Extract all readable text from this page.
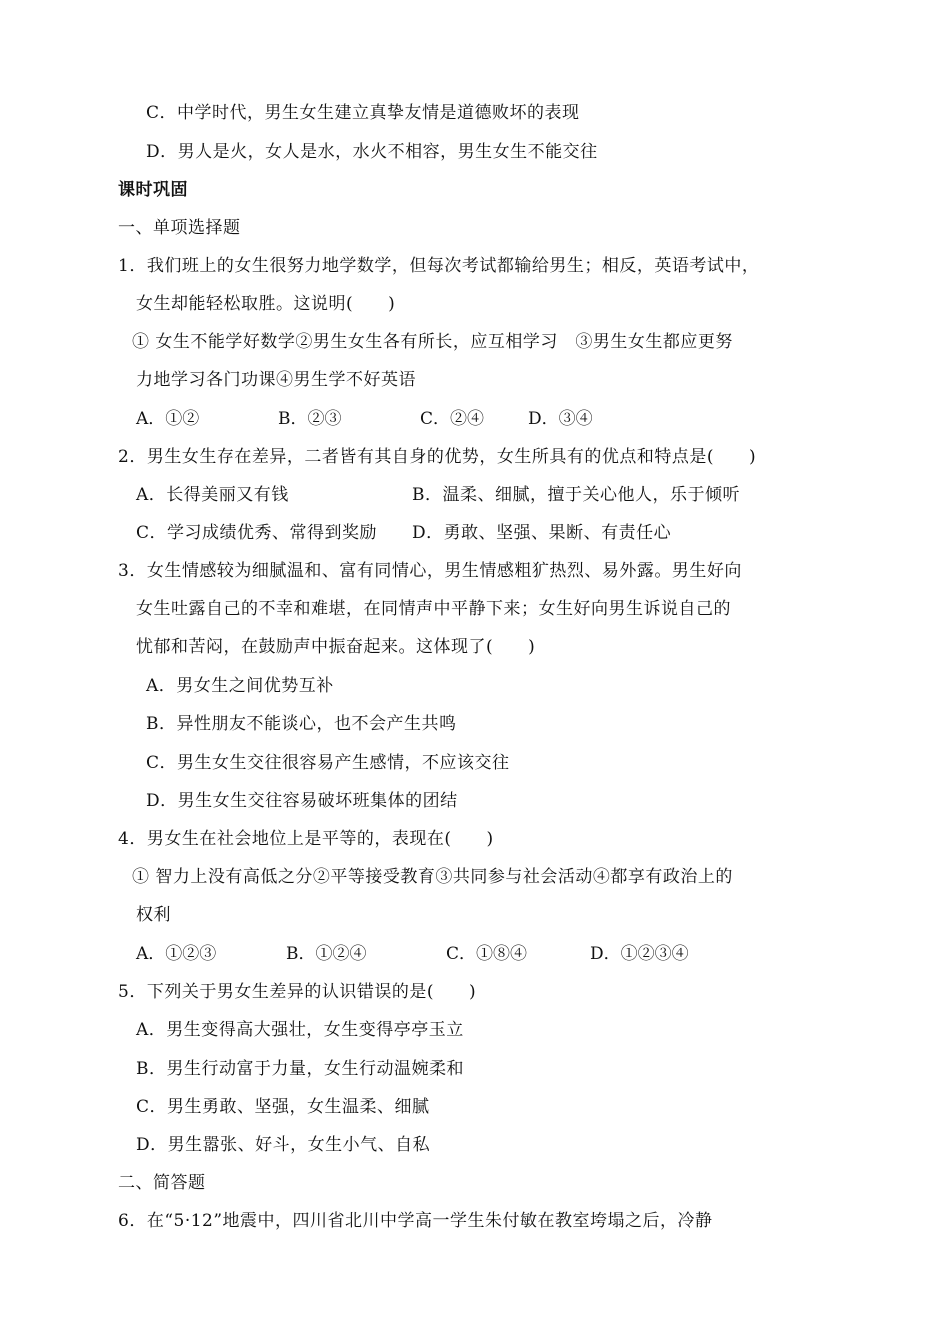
C．中学时代，男生女生建立真挚友情是道德败坏的表现
D．男人是火，女人是水，水火不相容，男生女生不能交往
课时巩固
一、单项选择题
1．我们班上的女生很努力地学数学，但每次考试都输给男生；相反，英语考试中，
女生却能轻松取胜。这说明(　　)
① 女生不能学好数学②男生女生各有所长，应互相学习　③男生女生都应更努
力地学习各门功课④男生学不好英语
A．①②	B．②③	C．②④	D．③④
2．男生女生存在差异，二者皆有其自身的优势，女生所具有的优点和特点是(　　)
A．长得美丽又有钱	B．温柔、细腻，擅于关心他人，乐于倾听
C．学习成绩优秀、常得到奖励 D．勇敢、坚强、果断、有责任心
3．女生情感较为细腻温和、富有同情心，男生情感粗犷热烈、易外露。男生好向
女生吐露自己的不幸和难堪，在同情声中平静下来；女生好向男生诉说自己的
忧郁和苦闷，在鼓励声中振奋起来。这体现了(　　)
A．男女生之间优势互补
B．异性朋友不能谈心，也不会产生共鸣
C．男生女生交往很容易产生感情，不应该交往
D．男生女生交往容易破坏班集体的团结
4．男女生在社会地位上是平等的，表现在(　　)
① 智力上没有高低之分②平等接受教育③共同参与社会活动④都享有政治上的
权利
A．①②③	B．①②④	C．①⑧④	D．①②③④
5．下列关于男女生差异的认识错误的是(　　)
A．男生变得高大强壮，女生变得亭亭玉立
B．男生行动富于力量，女生行动温婉柔和
C．男生勇敢、坚强，女生温柔、细腻
D．男生嚣张、好斗，女生小气、自私
二、简答题
6．在“5·12”地震中，四川省北川中学高一学生朱付敏在教室垮塌之后，冷静
